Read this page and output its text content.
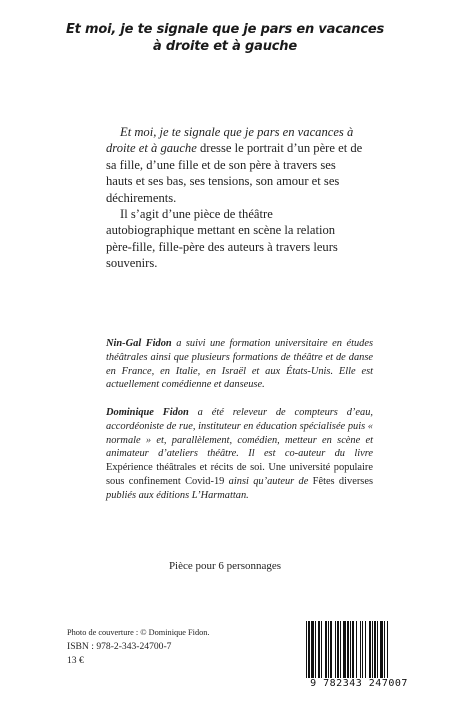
Et moi, je te signale que je pars en vacances
à droite et à gauche

Et moi, je te signale que je pars en vacances à droite et à gauche dresse le portrait d’un père et de sa fille, d’une fille et de son père à travers ses hauts et ses bas, ses tensions, son amour et ses déchirements.

Il s’agit d’une pièce de théâtre autobiographique mettant en scène la relation père-fille, fille-père des auteurs à travers leurs souvenirs.

Nin-Gal Fidon a suivi une formation universitaire en études théâtrales ainsi que plusieurs formations de théâtre et de danse en France, en Italie, en Israël et aux États-Unis. Elle est actuellement comédienne et danseuse.
Dominique Fidon a été releveur de compteurs d’eau, accordéoniste de rue, instituteur en éducation spécialisée puis « normale » et, parallèlement, comédien, metteur en scène et animateur d’ateliers théâtre. Il est co-auteur du livre Expérience théâtrales et récits de soi. Une université populaire sous confinement Covid-19 ainsi qu’auteur de Fêtes diverses publiés aux éditions L’Harmattan.
Pièce pour 6 personnages
Photo de couverture : © Dominique Fidon.
ISBN : 978-2-343-24700-7
13 €
9 782343 247007
